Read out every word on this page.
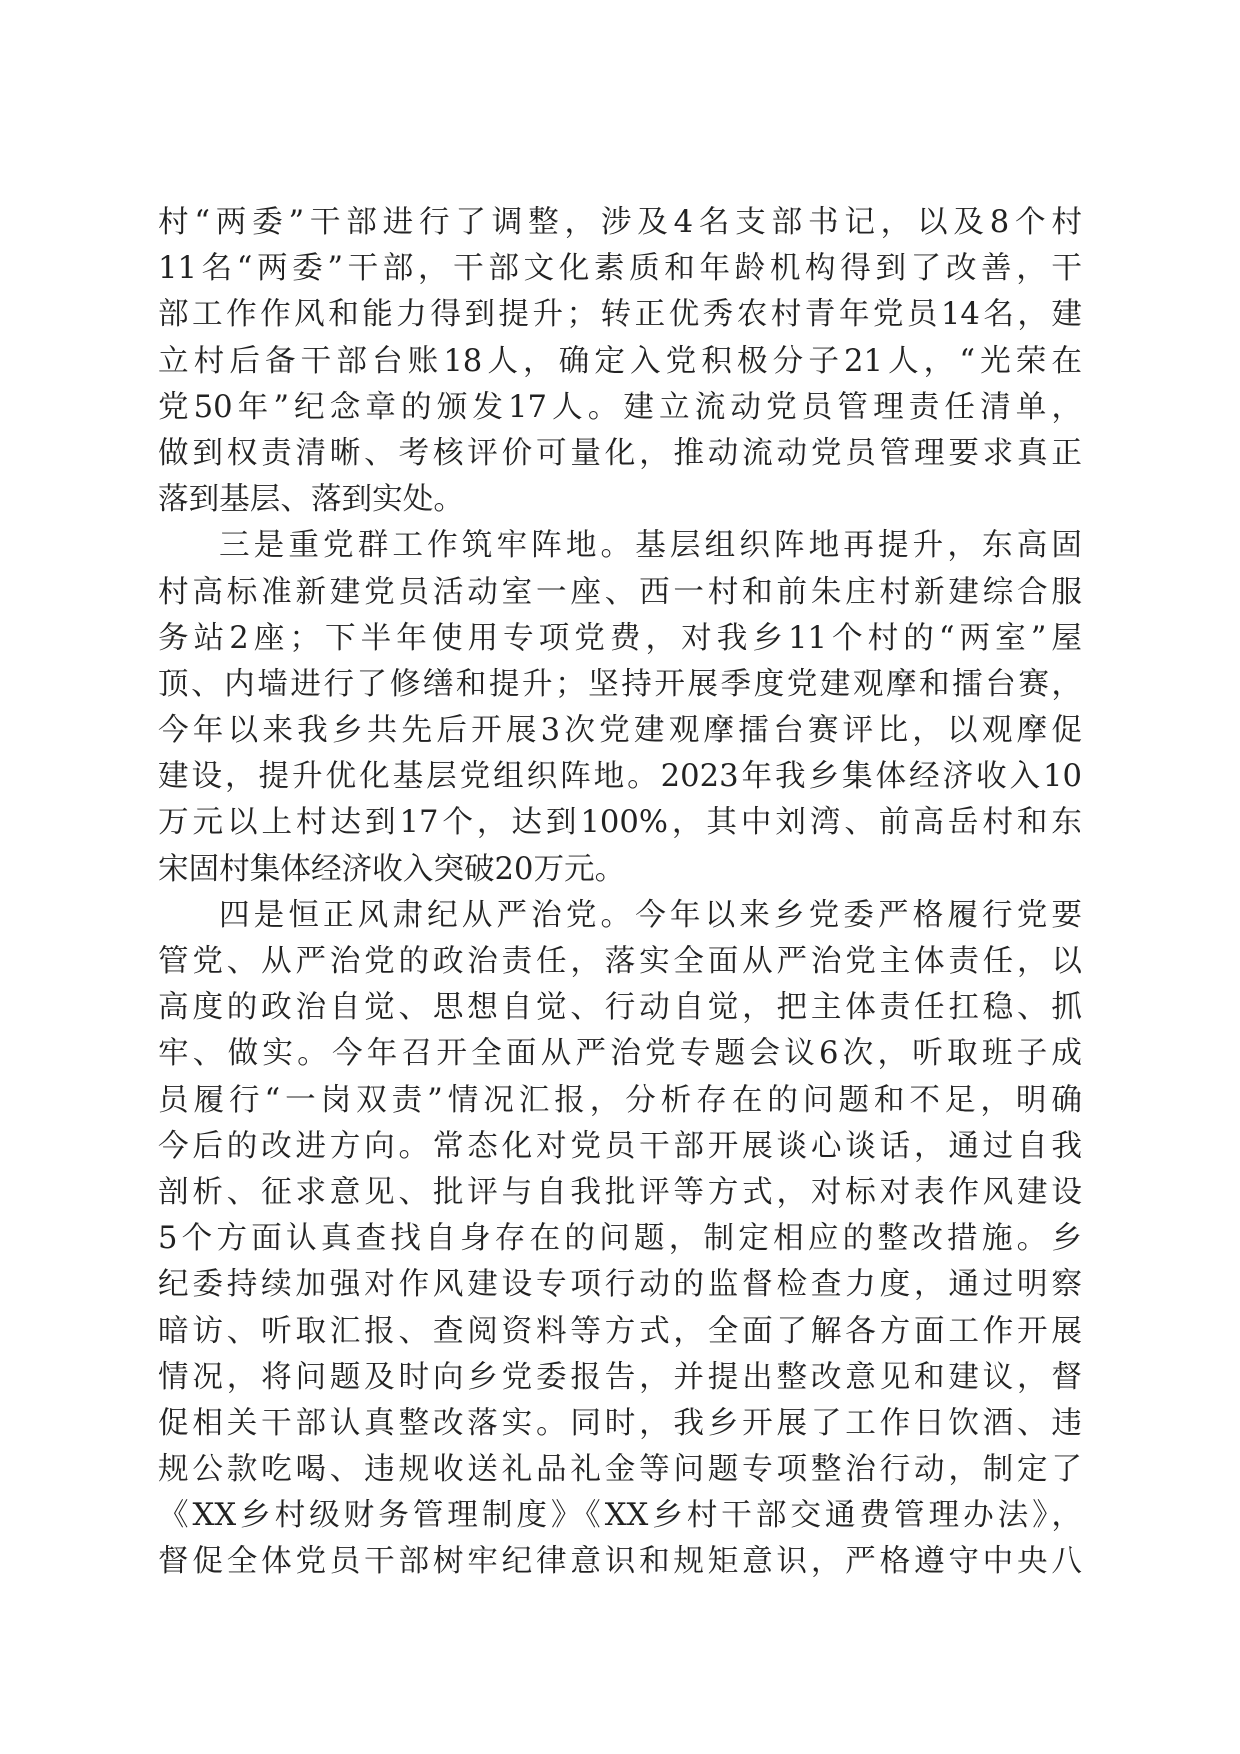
村“两委”干部进行了调整，涉及4名支部书记，以及8个村
11名“两委”干部，干部文化素质和年龄机构得到了改善，干
部工作作风和能力得到提升；转正优秀农村青年党员14名，建
立村后备干部台账18人，确定入党积极分子21人，“光荣在
党50年”纪念章的颁发17人。建立流动党员管理责任清单，
做到权责清晰、考核评价可量化，推动流动党员管理要求真正
落到基层、落到实处。
三是重党群工作筑牢阵地。基层组织阵地再提升，东高固
村高标准新建党员活动室一座、西一村和前朱庄村新建综合服
务站2座；下半年使用专项党费，对我乡11个村的“两室”屋
顶、内墙进行了修缮和提升；坚持开展季度党建观摩和擂台赛，
今年以来我乡共先后开展3次党建观摩擂台赛评比，以观摩促
建设，提升优化基层党组织阵地。2023年我乡集体经济收入10
万元以上村达到17个，达到100%，其中刘湾、前高岳村和东
宋固村集体经济收入突破20万元。
四是恒正风肃纪从严治党。今年以来乡党委严格履行党要
管党、从严治党的政治责任，落实全面从严治党主体责任，以
高度的政治自觉、思想自觉、行动自觉，把主体责任扛稳、抓
牢、做实。今年召开全面从严治党专题会议6次，听取班子成
员履行“一岗双责”情况汇报，分析存在的问题和不足，明确
今后的改进方向。常态化对党员干部开展谈心谈话，通过自我
剖析、征求意见、批评与自我批评等方式，对标对表作风建设
5个方面认真查找自身存在的问题，制定相应的整改措施。乡
纪委持续加强对作风建设专项行动的监督检查力度，通过明察
暗访、听取汇报、查阅资料等方式，全面了解各方面工作开展
情况，将问题及时向乡党委报告，并提出整改意见和建议，督
促相关干部认真整改落实。同时，我乡开展了工作日饮酒、违
规公款吃喝、违规收送礼品礼金等问题专项整治行动，制定了
《XX乡村级财务管理制度》《XX乡村干部交通费管理办法》，
督促全体党员干部树牢纪律意识和规矩意识，严格遵守中央八
